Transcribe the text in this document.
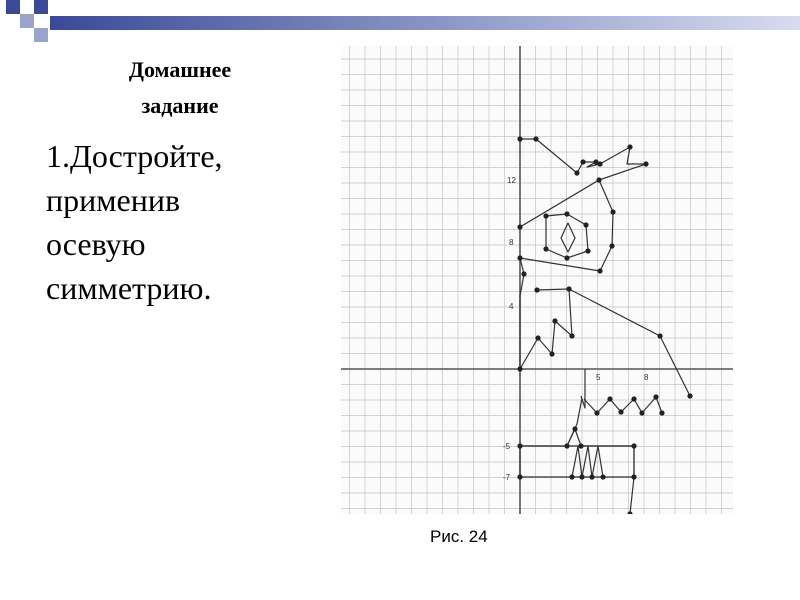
Домашнее
задание
1.Достройте,
применив
осевую
симметрию.
12
8
4
-5
-7
5	8
Рис. 24
